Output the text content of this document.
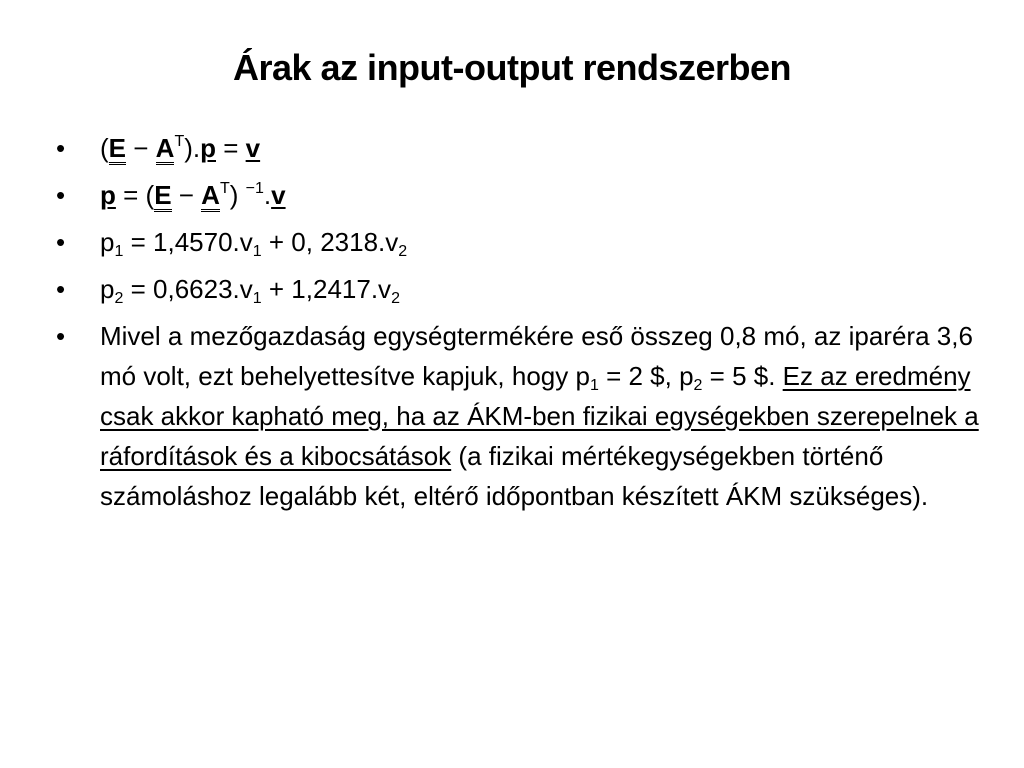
Árak az input-output rendszerben
• $(E - A^T).p = v$
• $p = (E - A^T)$ $^{-1}$.v
• $p_1 = 1,4570.v_1 + 0$, $2318.v_2$
• $p_2 = 0,6623.v_1 + 1,2417.v_2$
• Mivel a mezőgazdaság egységtermékére eső összeg 0,8 mó, az iparéra 3,6 mó volt, ezt behelyettesítve kapjuk, hogy $p_1 = 2$ $, $p_2 = 5$ $. Ez az eredmény csak akkor kapható meg, ha az ÁKM-ben fizikai egységekben szerepelnek a ráfordítások és a kibocsátások (a fizikai mértékegységekben történő számoláshoz legalább két, eltérő időpontban készített ÁKM szükséges).
